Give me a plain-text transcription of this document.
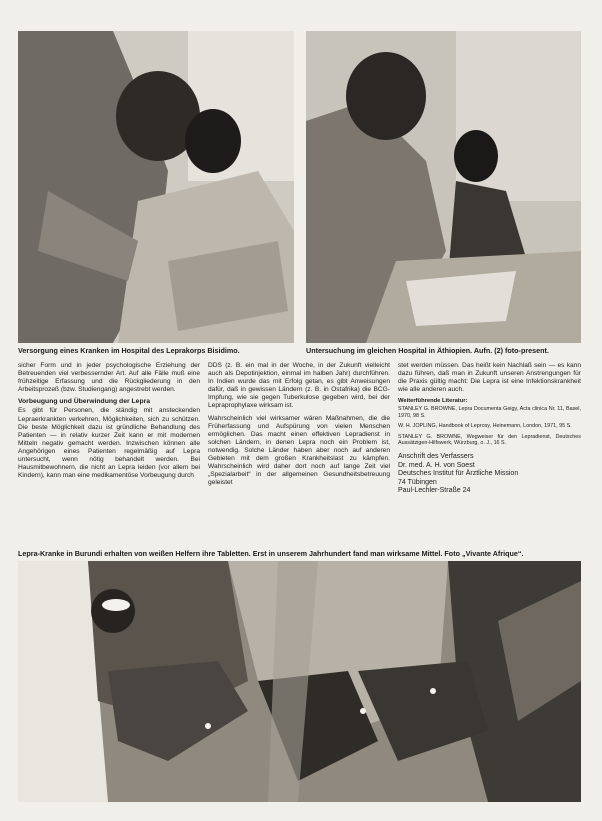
Versorgung eines Kranken im Hospital des Leprakorps Bisidimo.	Untersuchung im gleichen Hospital in Äthiopien. Aufn. (2) foto-present.

sicher Form und in jeder psychologische Erziehung der Betreuenden viel verbessernder Art. Auf alle Fälle muß eine frühzeitige Erfassung und die Rückgliederung in den Arbeitsprozeß (bzw. Studiengang) angestrebt werden.

Vorbeugung und Überwindung der Lepra

Es gibt für Personen, die ständig mit ansteckenden Lepraerkrankten verkehren, Möglichkeiten, sich zu schützen. Die beste Möglichkeit dazu ist gründliche Behandlung des Patienten — in relativ kurzer Zeit kann er mit modernen Mitteln negativ gemacht werden. Inzwischen können alle Angehörigen eines Patienten regelmäßig auf Lepra untersucht, wenn nötig behandelt werden. Bei Hausmitbewohnern, die nicht an Lepra leiden (vor allem bei Kindern), kann man eine medikamentöse Vorbeugung durch

DDS (z. B. ein mal in der Woche, in der Zukunft vielleicht auch als Depotinjektion, einmal im halben Jahr) durchführen. In Indien wurde das mit Erfolg getan, es gibt Anweisungen dafür, daß in gewissen Ländern (z. B. in Ostafrika) die BCG-Impfung, wie sie gegen Tuberkulose gegeben wird, bei der Lepraprophylaxe wirksam ist.

Wahrscheinlich viel wirksamer wären Maßnahmen, die die Früherfassung und Aufspürung von vielen Menschen ermöglichen. Das macht einen effektiven Lepradienst in solchen Ländern, in denen Lepra noch ein Problem ist, notwendig. Solche Länder haben aber noch auf anderen Gebieten mit dem großen Krankheitslast zu kämpfen. Wahrscheinlich wird daher dort noch auf lange Zeit viel „Spezialarbeit“ in der allgemeinen Gesundheitsbetreuung geleistet

stet werden müssen. Das heißt kein Nachlaß sein — es kann dazu führen, daß man in Zukunft unseren Anstrengungen für die Praxis gültig macht: Die Lepra ist eine Infektionskrankheit wie alle anderen auch.

Weiterführende Literatur:

STANLEY G. BROWNE, Lepra Documenta Geigy, Acta clinica Nr. 11, Basel, 1970, 98 S.

W. H. JOPLING, Handbook of Leprosy, Heinemann, London, 1971, 95 S.

STANLEY G. BROWNE, Wegweiser für den Lepradienst, Deutsches Aussätzigen-Hilfswerk, Würzburg, o. J., 16 S.

Anschrift des Verfassers
Dr. med. A. H. von Soest
Deutsches Institut für Ärztliche Mission
74 Tübingen
Paul-Lechler-Straße 24
Lepra-Kranke in Burundi erhalten von weißen Helfern ihre Tabletten. Erst in unserem Jahrhundert fand man wirksame Mittel. Foto „Vivante Afrique“.
